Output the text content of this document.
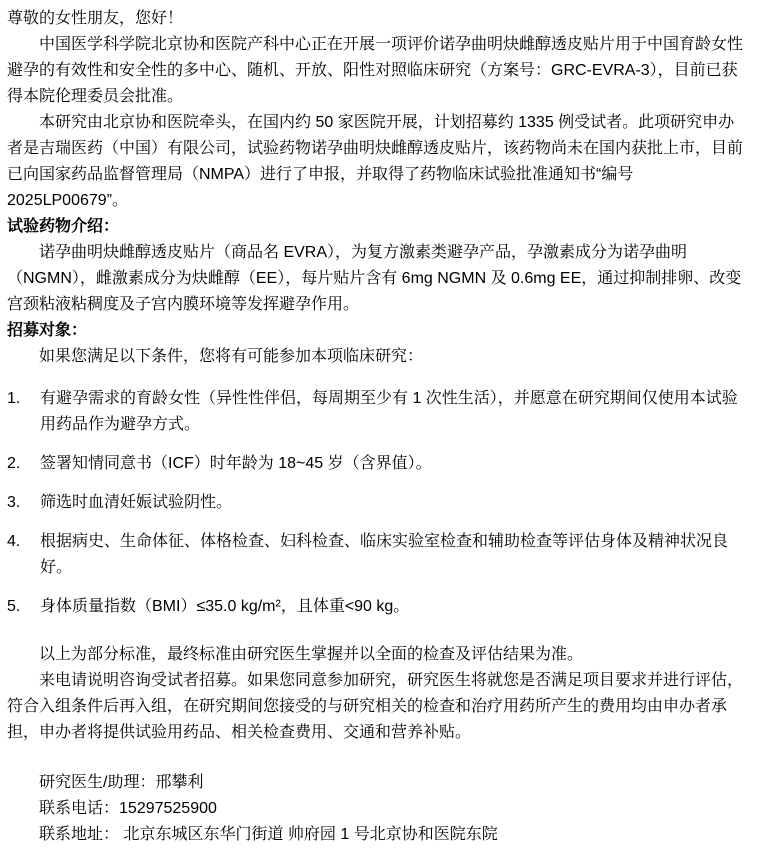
尊敬的女性朋友，您好！

中国医学科学院北京协和医院产科中心正在开展一项评价诺孕曲明炔雌醇透皮贴片用于中国育龄女性避孕的有效性和安全性的多中心、随机、开放、阳性对照临床研究（方案号：GRC-EVRA-3），目前已获得本院伦理委员会批准。

本研究由北京协和医院牵头，在国内约 50 家医院开展，计划招募约 1335 例受试者。此项研究申办者是吉瑞医药（中国）有限公司，试验药物诺孕曲明炔雌醇透皮贴片，该药物尚未在国内获批上市，目前已向国家药品监督管理局（NMPA）进行了申报，并取得了药物临床试验批准通知书“编号 2025LP00679”。

试验药物介绍：

诺孕曲明炔雌醇透皮贴片（商品名 EVRA），为复方激素类避孕产品，孕激素成分为诺孕曲明（NGMN），雌激素成分为炔雌醇（EE），每片贴片含有 6mg NGMN 及 0.6mg EE，通过抑制排卵、改变宫颈粘液粘稠度及子宫内膜环境等发挥避孕作用。

招募对象：

如果您满足以下条件，您将有可能参加本项临床研究：

1.	有避孕需求的育龄女性（异性性伴侣，每周期至少有 1 次性生活），并愿意在研究期间仅使用本试验用药品作为避孕方式。
2.	签署知情同意书（ICF）时年龄为 18~45 岁（含界值）。
3.	筛选时血清妊娠试验阴性。
4.	根据病史、生命体征、体格检查、妇科检查、临床实验室检查和辅助检查等评估身体及精神状况良好。
5.	身体质量指数（BMI）≤35.0 kg/m²，且体重<90 kg。

以上为部分标准，最终标准由研究医生掌握并以全面的检查及评估结果为准。

来电请说明咨询受试者招募。如果您同意参加研究，研究医生将就您是否满足项目要求并进行评估，符合入组条件后再入组，在研究期间您接受的与研究相关的检查和治疗用药所产生的费用均由申办者承担，申办者将提供试验用药品、相关检查费用、交通和营养补贴。

研究医生/助理：邢攀利

联系电话：15297525900

联系地址： 北京东城区东华门街道 帅府园 1 号北京协和医院东院
